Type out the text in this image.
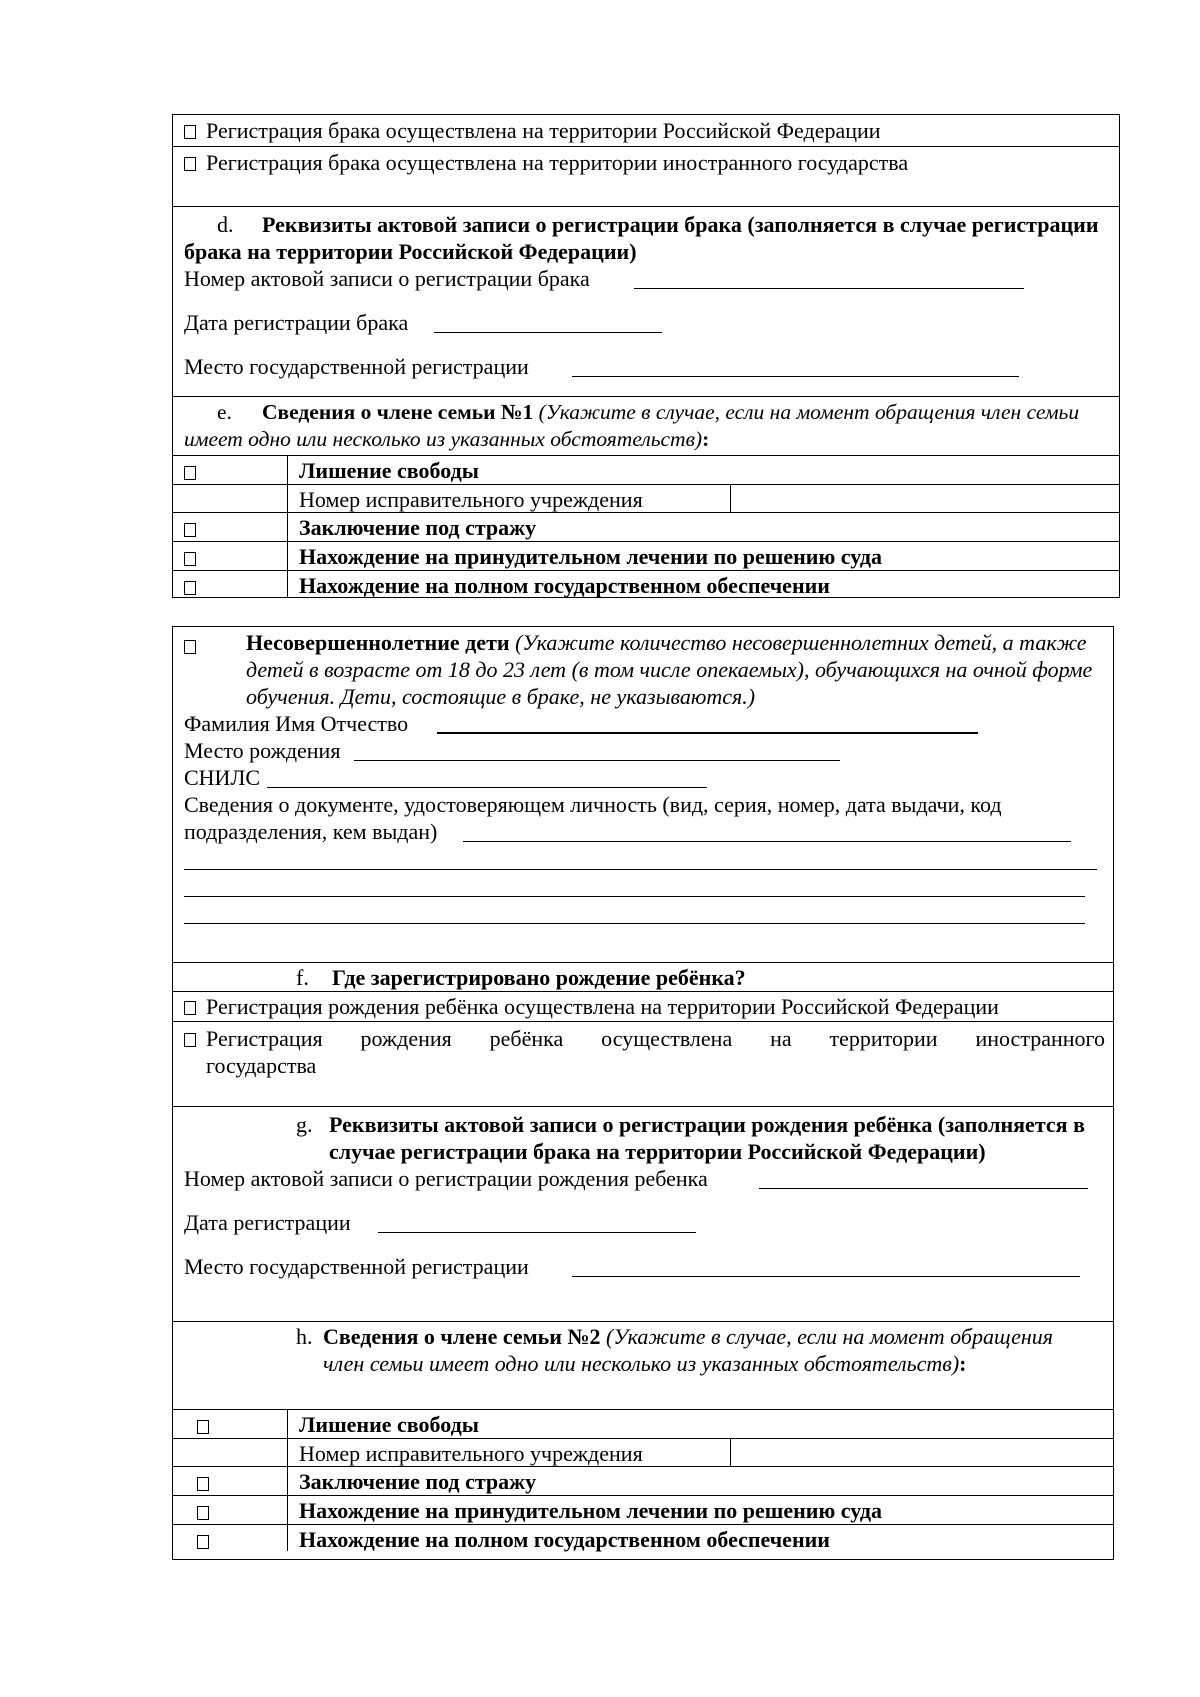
Регистрация брака осуществлена на территории Российской Федерации
Регистрация брака осуществлена на территории иностранного государства
d. Реквизиты актовой записи о регистрации брака (заполняется в случае регистрации брака на территории Российской Федерации)
Номер актовой записи о регистрации брака
Дата регистрации брака
Место государственной регистрации
e. Сведения о члене семьи №1 (Укажите в случае, если на момент обращения член семьи имеет одно или несколько из указанных обстоятельств):
Лишение свободы
Номер исправительного учреждения
Заключение под стражу
Нахождение на принудительном лечении по решению суда
Нахождение на полном государственном обеспечении
Несовершеннолетние дети (Укажите количество несовершеннолетних детей, а также детей в возрасте от 18 до 23 лет (в том числе опекаемых), обучающихся на очной форме обучения. Дети, состоящие в браке, не указываются.)
Фамилия Имя Отчество
Место рождения
СНИЛС
Сведения о документе, удостоверяющем личность (вид, серия, номер, дата выдачи, код
подразделения, кем выдан)
f. Где зарегистрировано рождение ребёнка?
Регистрация рождения ребёнка осуществлена на территории Российской Федерации
Регистрация рождения ребёнка осуществлена на территории иностранного
государства
g. Реквизиты актовой записи о регистрации рождения ребёнка (заполняется в случае регистрации брака на территории Российской Федерации)
Номер актовой записи о регистрации рождения ребенка
Дата регистрации
Место государственной регистрации
h. Сведения о члене семьи №2 (Укажите в случае, если на момент обращения член семьи имеет одно или несколько из указанных обстоятельств):
Лишение свободы
Номер исправительного учреждения
Заключение под стражу
Нахождение на принудительном лечении по решению суда
Нахождение на полном государственном обеспечении
